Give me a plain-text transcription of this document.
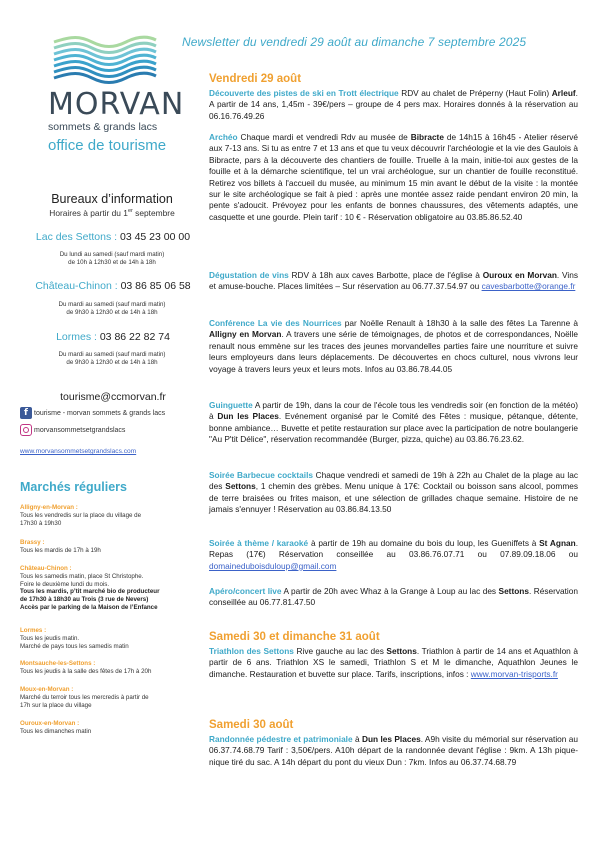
MORVAN
sommets & grands lacs
office de tourisme
Bureaux d’information
Horaires à partir du 1er septembre
Lac des Settons : 03 45 23 00 00
Du lundi au samedi (sauf mardi matin)
de 10h à 12h30 et de 14h à 18h
Château-Chinon : 03 86 85 06 58
Du mardi au samedi (sauf mardi matin)
de 9h30 à 12h30 et de 14h à 18h
Lormes : 03 86 22 82 74
Du mardi au samedi (sauf mardi matin)
de 9h30 à 12h30 et de 14h à 18h
tourisme@ccmorvan.fr
f tourisme - morvan sommets & grands lacs
morvansommetsetgrandslacs
www.morvansommetsetgrandslacs.com
Marchés réguliers
Alligny-en-Morvan :
Tous les vendredis sur la place du village de
17h30 à 19h30
Brassy :
Tous les mardis de 17h à 19h
Château-Chinon :
Tous les samedis matin, place St Christophe.
Foire le deuxième lundi du mois.
Tous les mardis, p’tit marché bio de producteur
de 17h30 à 18h30 au Trois (3 rue de Nevers)
Accès par le parking de la Maison de l’Enfance
Lormes :
Tous les jeudis matin.
Marché de pays tous les samedis matin
Montsauche-les-Settons :
Tous les jeudis à la salle des fêtes de 17h à 20h
Moux-en-Morvan :
Marché du terroir tous les mercredis à partir de
17h sur la place du village
Ouroux-en-Morvan :
Tous les dimanches matin
Newsletter du vendredi 29 août au dimanche 7 septembre 2025
Vendredi 29 août
Découverte des pistes de ski en Trott électrique RDV au chalet de Préperny (Haut Folin) Arleuf. A partir de 14 ans, 1,45m - 39€/pers – groupe de 4 pers max. Horaires donnés à la réservation au 06.16.76.49.26
Archéo Chaque mardi et vendredi Rdv au musée de Bibracte de 14h15 à 16h45 - Atelier réservé aux 7-13 ans. Si tu as entre 7 et 13 ans et que tu veux découvrir l'archéologie et la vie des Gaulois à Bibracte, pars à la découverte des chantiers de fouille. Truelle à la main, initie-toi aux gestes de la fouille et à la démarche scientifique, tel un vrai archéologue, sur un chantier de fouille reconstitué. Retirez vos billets à l'accueil du musée, au minimum 15 min avant le début de la visite : la montée sur le site archéologique se fait à pied : après une montée assez raide pendant environ 20 min, la pente s'adoucit. Prévoyez pour les enfants de bonnes chaussures, des vêtements adaptés, une casquette et une gourde. Plein tarif : 10 € - Réservation obligatoire au 03.85.86.52.40
Dégustation de vins RDV à 18h aux caves Barbotte, place de l'église à Ouroux en Morvan. Vins et amuse-bouche. Places limitées – Sur réservation au 06.77.37.54.97 ou cavesbarbotte@orange.fr
Conférence La vie des Nourrices par Noëlle Renault à 18h30 à la salle des fêtes La Tarenne à Alligny en Morvan. A travers une série de témoignages, de photos et de correspondances, Noëlle renault nous emmène sur les traces des jeunes morvandelles parties faire une nourriture et suivre leurs employeurs dans leurs déplacements. De découvertes en chocs culturel, nous vivrons leur voyage à travers leurs yeux et leurs mots. Infos au 03.86.78.44.05
Guinguette A partir de 19h, dans la cour de l'école tous les vendredis soir (en fonction de la météo) à Dun les Places. Evénement organisé par le Comité des Fêtes : musique, pétanque, détente, bonne ambiance… Buvette et petite restauration sur place avec la participation de notre boulangerie "Au P'tit Délice", réservation recommandée (Burger, pizza, quiche) au 03.86.76.23.62.
Soirée Barbecue cocktails Chaque vendredi et samedi de 19h à 22h au Chalet de la plage au lac des Settons, 1 chemin des grèbes. Menu unique à 17€: Cocktail ou boisson sans alcool, pommes de terre braisées ou frites maison, et une sélection de grillades chaque semaine. Histoire de ne jamais s'ennuyer ! Réservation au 03.86.84.13.50
Soirée à thème / karaoké à partir de 19h au domaine du bois du loup, les Gueniffets à St Agnan. Repas (17€) Réservation conseillée au 03.86.76.07.71 ou 07.89.09.18.06 ou domaineduboisduloup@gmail.com
Apéro/concert live A partir de 20h avec Whaz à la Grange à Loup au lac des Settons. Réservation conseillée au 06.77.81.47.50
Samedi 30 et dimanche 31 août
Triathlon des Settons Rive gauche au lac des Settons. Triathlon à partir de 14 ans et Aquathlon à partir de 6 ans. Triathlon XS le samedi, Triathlon S et M le dimanche, Aquathlon Jeunes le dimanche. Restauration et buvette sur place. Tarifs, inscriptions, infos : www.morvan-trisports.fr
Samedi 30 août
Randonnée pédestre et patrimoniale à Dun les Places. A9h visite du mémorial sur réservation au 06.37.74.68.79 Tarif : 3,50€/pers. A10h départ de la randonnée devant l'église : 9km. A 13h pique-nique tiré du sac. A 14h départ du pont du vieux Dun : 7km. Infos au 06.37.74.68.79
